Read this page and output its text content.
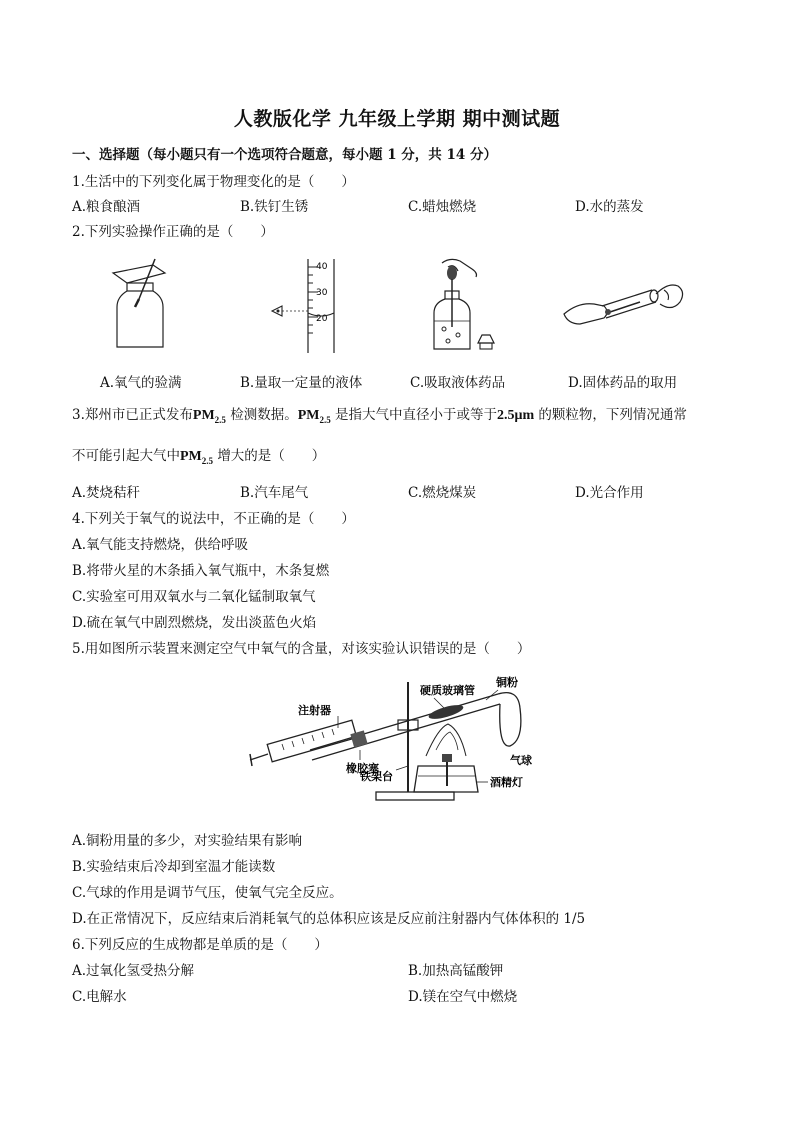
人教版化学 九年级上学期 期中测试题
一、选择题（每小题只有一个选项符合题意，每小题 1 分，共 14 分）
1.生活中的下列变化属于物理变化的是（　　）
A.粮食酿酒	B.铁钉生锈	C.蜡烛燃烧	D.水的蒸发
2.下列实验操作正确的是（　　）
40
30
20
A.氧气的验满	B.量取一定量的液体	C.吸取液体药品	D.固体药品的取用
3.郑州市已正式发布$PM_{2.5}$ 检测数据。$PM_{2.5}$ 是指大气中直径小于或等于2.5μm 的颗粒物，下列情况通常
不可能引起大气中$PM_{2.5}$ 增大的是（　　）
A.焚烧秸秆	B.汽车尾气	C.燃烧煤炭	D.光合作用
4.下列关于氧气的说法中，不正确的是（　　）
A.氧气能支持燃烧，供给呼吸
B.将带火星的木条插入氧气瓶中，木条复燃
C.实验室可用双氧水与二氧化锰制取氧气
D.硫在氧气中剧烈燃烧，发出淡蓝色火焰
5.用如图所示装置来测定空气中氧气的含量，对该实验认识错误的是（　　）
注射器
硬质玻璃管
铜粉
橡胶塞
气球
铁架台	酒精灯
A.铜粉用量的多少，对实验结果有影响
B.实验结束后冷却到室温才能读数
C.气球的作用是调节气压，使氧气完全反应。
D.在正常情况下，反应结束后消耗氧气的总体积应该是反应前注射器内气体体积的 1/5
6.下列反应的生成物都是单质的是（　　）
A.过氧化氢受热分解	B.加热高锰酸钾
C.电解水	D.镁在空气中燃烧
